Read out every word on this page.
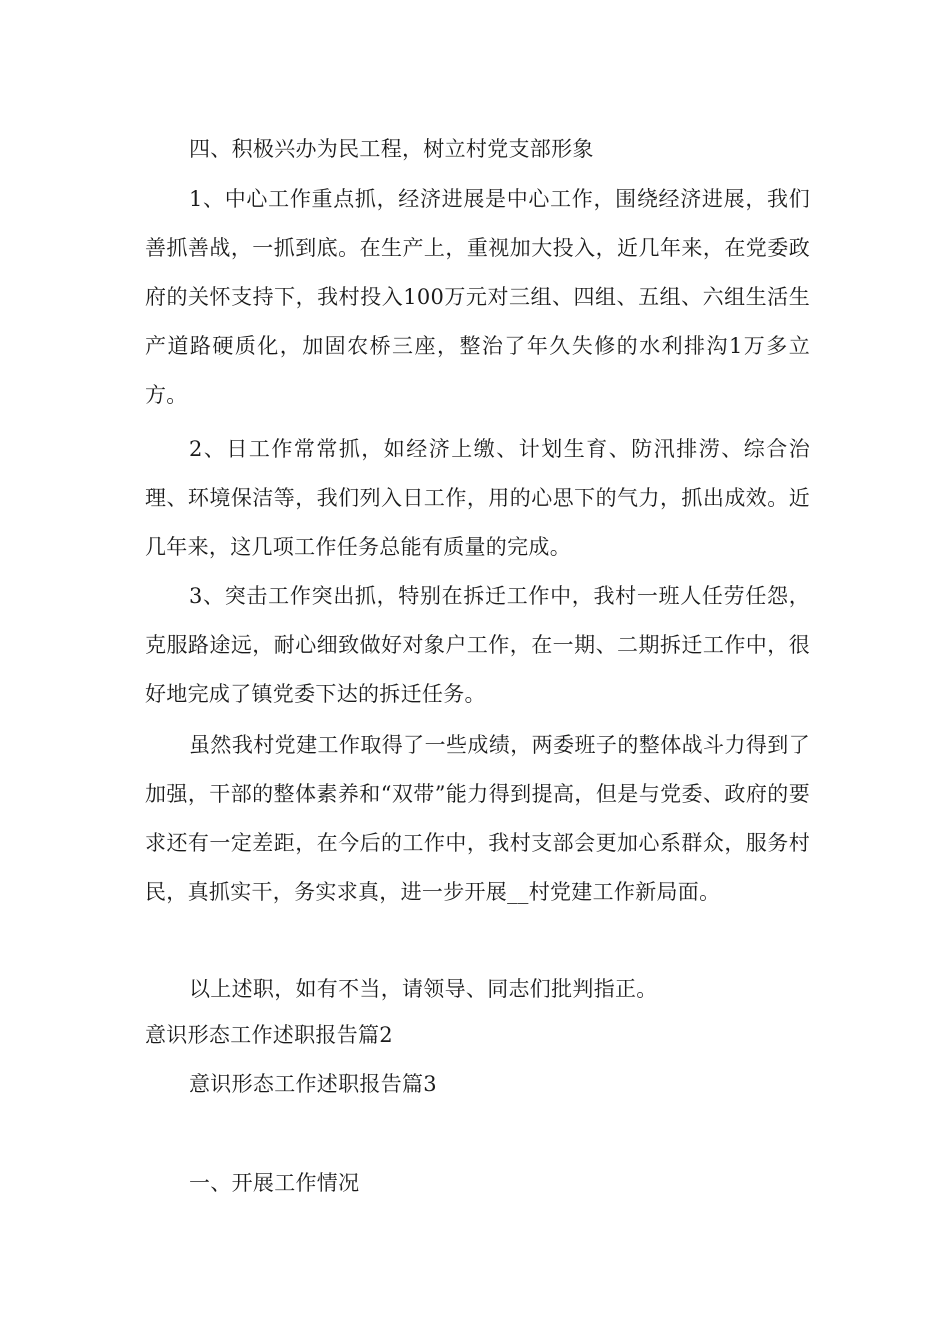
四、积极兴办为民工程，树立村党支部形象

1、中心工作重点抓，经济进展是中心工作，围绕经济进展，我们善抓善战，一抓到底。在生产上，重视加大投入，近几年来，在党委政府的关怀支持下，我村投入100万元对三组、四组、五组、六组生活生产道路硬质化，加固农桥三座，整治了年久失修的水利排沟1万多立方。

2、日工作常常抓，如经济上缴、计划生育、防汛排涝、综合治理、环境保洁等，我们列入日工作，用的心思下的气力，抓出成效。近几年来，这几项工作任务总能有质量的完成。

3、突击工作突出抓，特别在拆迁工作中，我村一班人任劳任怨，克服路途远，耐心细致做好对象户工作，在一期、二期拆迁工作中，很好地完成了镇党委下达的拆迁任务。

虽然我村党建工作取得了一些成绩，两委班子的整体战斗力得到了加强，干部的整体素养和“双带”能力得到提高，但是与党委、政府的要求还有一定差距，在今后的工作中，我村支部会更加心系群众，服务村民，真抓实干，务实求真，进一步开展__村党建工作新局面。

以上述职，如有不当，请领导、同志们批判指正。

意识形态工作述职报告篇2

意识形态工作述职报告篇3

一、开展工作情况
